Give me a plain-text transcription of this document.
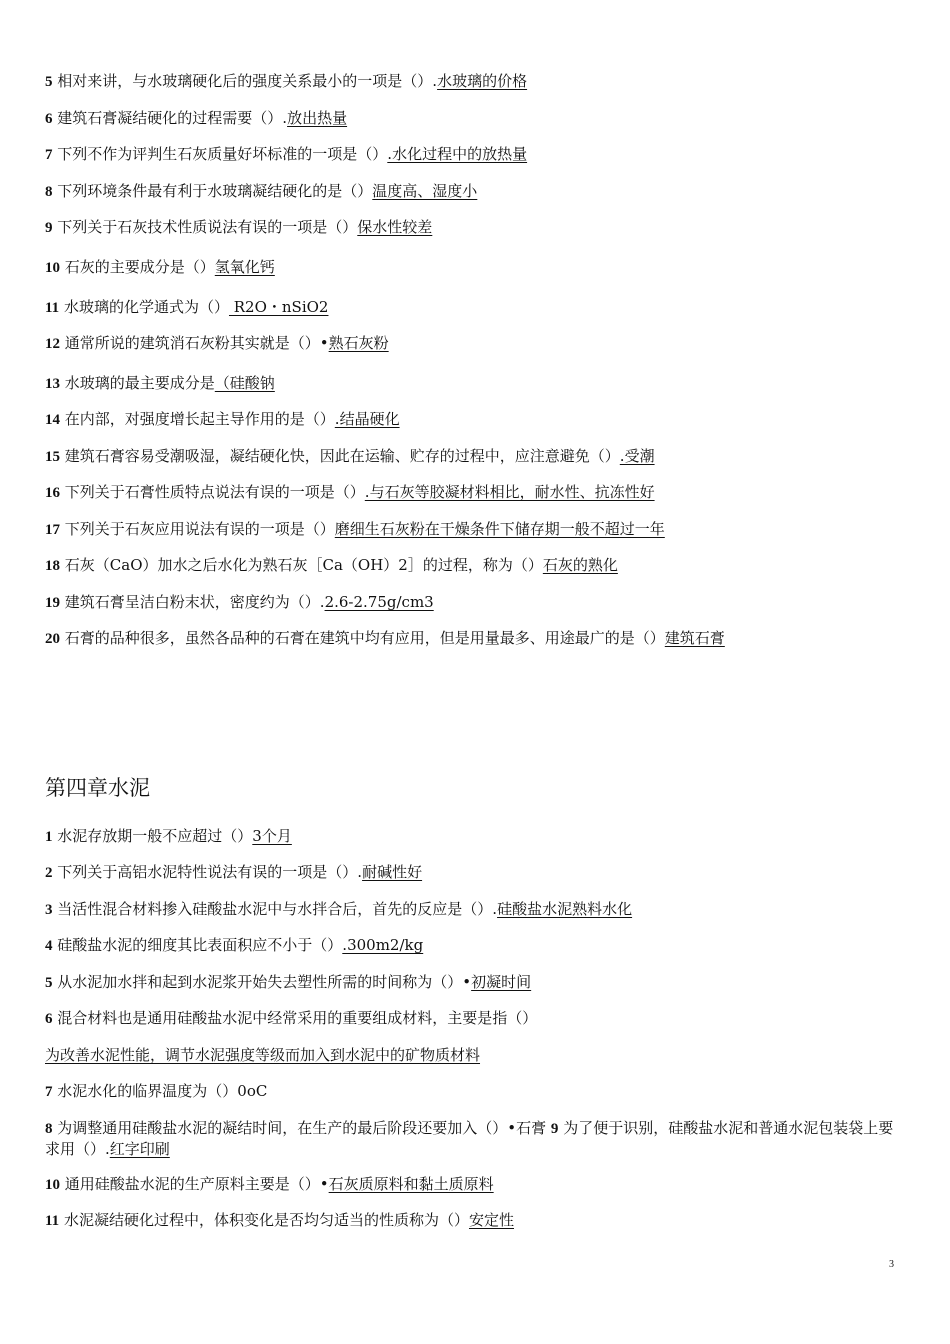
5 相对来讲，与水玻璃硬化后的强度关系最小的一项是（）.水玻璃的价格
6 建筑石膏凝结硬化的过程需要（）.放出热量
7 下列不作为评判生石灰质量好坏标准的一项是（）.水化过程中的放热量
8 下列环境条件最有利于水玻璃凝结硬化的是（）温度高、湿度小
9 下列关于石灰技术性质说法有误的一项是（）保水性较差
10 石灰的主要成分是（）氢氧化钙
11 水玻璃的化学通式为（） R2O・nSiO2
12 通常所说的建筑消石灰粉其实就是（）•熟石灰粉
13 水玻璃的最主要成分是（硅酸钠
14 在内部，对强度增长起主导作用的是（）.结晶硬化
15 建筑石膏容易受潮吸湿，凝结硬化快，因此在运输、贮存的过程中，应注意避免（）.受潮
16 下列关于石膏性质特点说法有误的一项是（）.与石灰等胶凝材料相比，耐水性、抗冻性好
17 下列关于石灰应用说法有误的一项是（）磨细生石灰粉在干燥条件下储存期一般不超过一年
18 石灰（CaO）加水之后水化为熟石灰［Ca（OH）2］的过程，称为（）石灰的熟化
19 建筑石膏呈洁白粉末状，密度约为（）.2.6-2.75g/cm3
20 石膏的品种很多，虽然各品种的石膏在建筑中均有应用，但是用量最多、用途最广的是（）建筑石膏
第四章水泥
1 水泥存放期一般不应超过（）3个月
2 下列关于高铝水泥特性说法有误的一项是（）.耐碱性好
3 当活性混合材料掺入硅酸盐水泥中与水拌合后，首先的反应是（）.硅酸盐水泥熟料水化
4 硅酸盐水泥的细度其比表面积应不小于（）.300m2/kg
5 从水泥加水拌和起到水泥浆开始失去塑性所需的时间称为（）•初凝时间
6 混合材料也是通用硅酸盐水泥中经常采用的重要组成材料，主要是指（）
为改善水泥性能，调节水泥强度等级而加入到水泥中的矿物质材料
7 水泥水化的临界温度为（）0oC
8 为调整通用硅酸盐水泥的凝结时间，在生产的最后阶段还要加入（）•石膏 9 为了便于识别，硅酸盐水泥和普通水泥包装袋上要求用（）.红字印刷
10 通用硅酸盐水泥的生产原料主要是（）•石灰质原料和黏土质原料
11 水泥凝结硬化过程中，体积变化是否均匀适当的性质称为（）安定性
3
